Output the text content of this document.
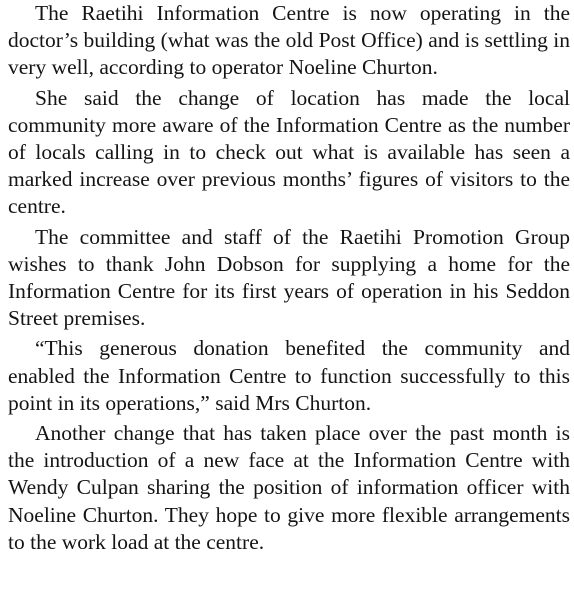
The Raetihi Information Centre is now operating in the doctor’s building (what was the old Post Office) and is settling in very well, according to operator Noeline Churton.

She said the change of location has made the local community more aware of the Information Centre as the number of locals calling in to check out what is available has seen a marked increase over previous months’ figures of visitors to the centre.

The committee and staff of the Raetihi Promotion Group wishes to thank John Dobson for supplying a home for the Information Centre for its first years of operation in his Seddon Street premises.

“This generous donation benefited the community and enabled the Information Centre to function successfully to this point in its operations,” said Mrs Churton.

Another change that has taken place over the past month is the introduction of a new face at the Information Centre with Wendy Culpan sharing the position of information officer with Noeline Churton. They hope to give more flexible arrangements to the work load at the centre.
